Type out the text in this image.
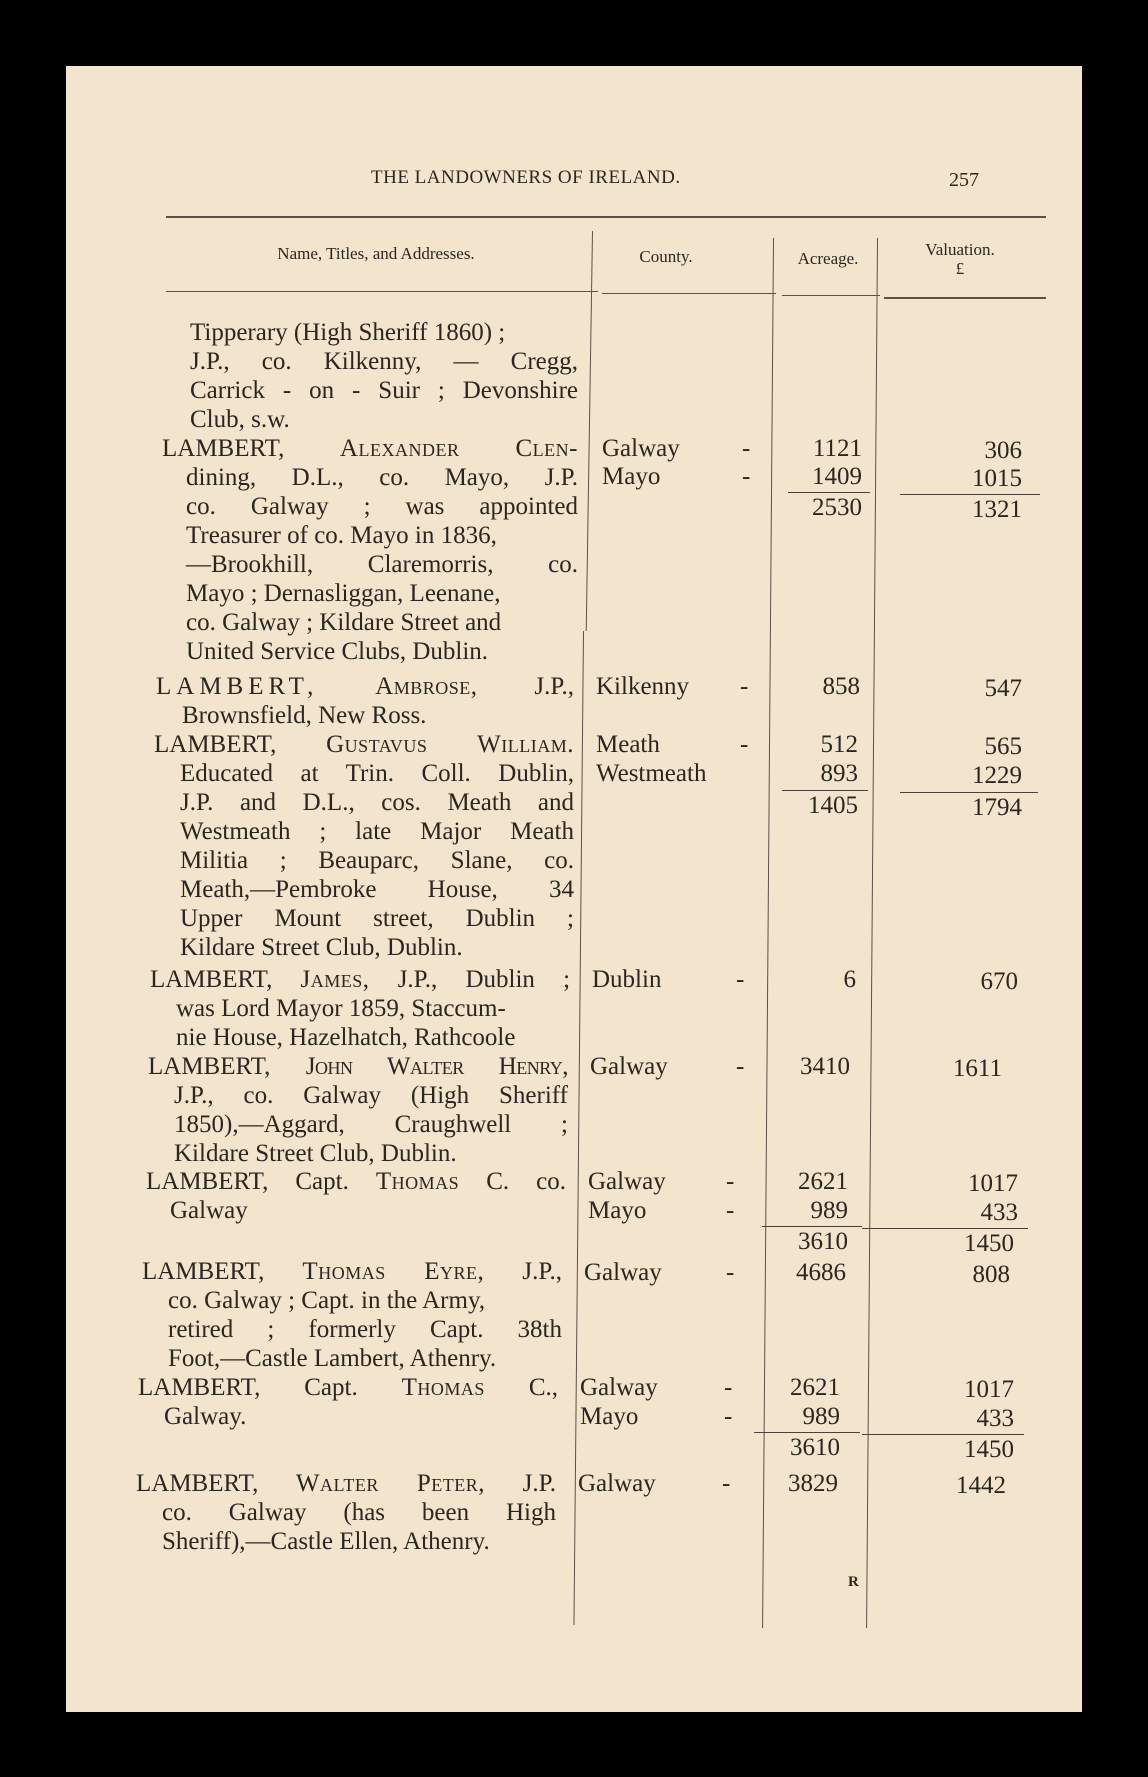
THE LANDOWNERS OF IRELAND.	257
Name, Titles, and Addresses.	County.	Acreage.	Valuation.
£
Tipperary (High Sheriff 1860) ;
J.P., co. Kilkenny, — Cregg,
Carrick - on - Suir ; Devonshire
Club, s.w.
LAMBERT, Alexander Clen-
dining, D.L., co. Mayo, J.P.
co. Galway ; was appointed
Treasurer of co. Mayo in 1836,
—Brookhill, Claremorris, co.
Mayo ; Dernasliggan, Leenane,
co. Galway ; Kildare Street and
United Service Clubs, Dublin.
Galway -	1121	306
Mayo	-	1409	1015
2530	1321
LAMBERT, Ambrose, J.P.,
Brownsfield, New Ross.
Kilkenny -	858	547
LAMBERT, Gustavus William.
Educated at Trin. Coll. Dublin,
J.P. and D.L., cos. Meath and
Westmeath ; late Major Meath
Militia ; Beauparc, Slane, co.
Meath,—Pembroke House, 34
Upper Mount street, Dublin ;
Kildare Street Club, Dublin.
Meath	-	512	565
Westmeath	893	1229
1405	1794
LAMBERT, James, J.P., Dublin ;
was Lord Mayor 1859, Staccum-
nie House, Hazelhatch, Rathcoole
Dublin	-	6	670
LAMBERT, John Walter Henry,
J.P., co. Galway (High Sheriff
1850),—Aggard, Craughwell ;
Kildare Street Club, Dublin.
Galway	-	3410	1611
LAMBERT, Capt. Thomas C. co.
Galway
Galway -	2621	1017
Mayo	-	989	433
3610	1450
LAMBERT, Thomas Eyre, J.P.,
co. Galway ; Capt. in the Army,
retired ; formerly Capt. 38th
Foot,—Castle Lambert, Athenry.
Galway	-	4686	808
LAMBERT, Capt. Thomas C.,
Galway.
Galway	-	2621	1017
Mayo	-	989	433
3610	1450
LAMBERT, Walter Peter, J.P.
co. Galway (has been High
Sheriff),—Castle Ellen, Athenry.
Galway	-	3829	1442
R
